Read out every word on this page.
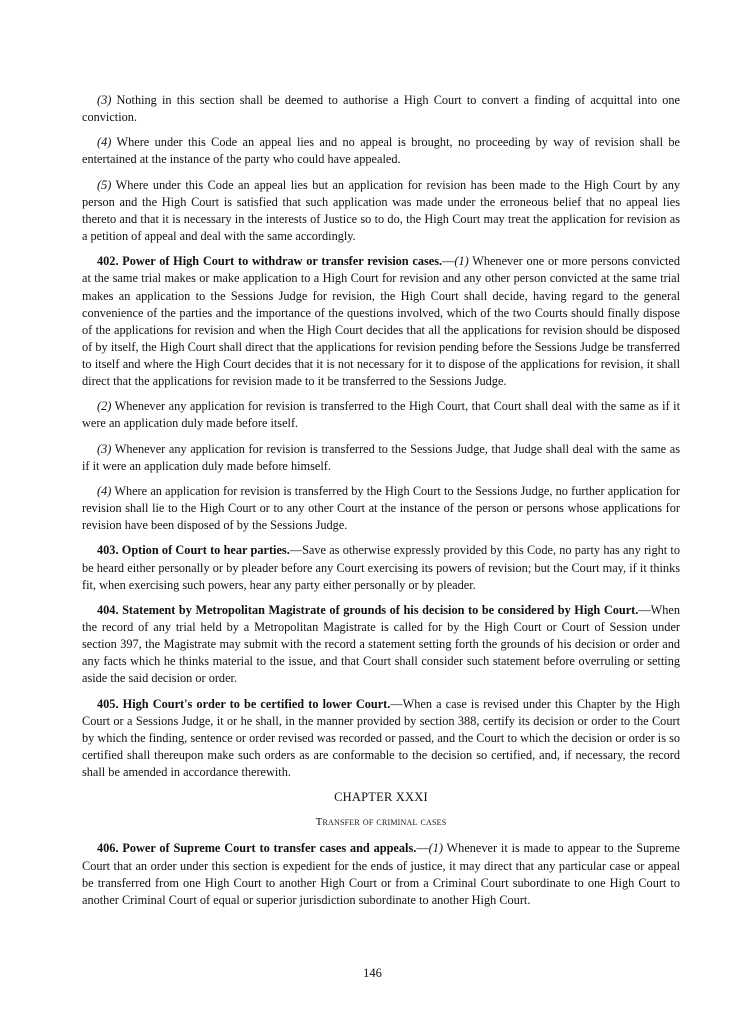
(3) Nothing in this section shall be deemed to authorise a High Court to convert a finding of acquittal into one conviction.

(4) Where under this Code an appeal lies and no appeal is brought, no proceeding by way of revision shall be entertained at the instance of the party who could have appealed.

(5) Where under this Code an appeal lies but an application for revision has been made to the High Court by any person and the High Court is satisfied that such application was made under the erroneous belief that no appeal lies thereto and that it is necessary in the interests of Justice so to do, the High Court may treat the application for revision as a petition of appeal and deal with the same accordingly.

402. Power of High Court to withdraw or transfer revision cases.—(1) Whenever one or more persons convicted at the same trial makes or make application to a High Court for revision and any other person convicted at the same trial makes an application to the Sessions Judge for revision, the High Court shall decide, having regard to the general convenience of the parties and the importance of the questions involved, which of the two Courts should finally dispose of the applications for revision and when the High Court decides that all the applications for revision should be disposed of by itself, the High Court shall direct that the applications for revision pending before the Sessions Judge be transferred to itself and where the High Court decides that it is not necessary for it to dispose of the applications for revision, it shall direct that the applications for revision made to it be transferred to the Sessions Judge.

(2) Whenever any application for revision is transferred to the High Court, that Court shall deal with the same as if it were an application duly made before itself.

(3) Whenever any application for revision is transferred to the Sessions Judge, that Judge shall deal with the same as if it were an application duly made before himself.

(4) Where an application for revision is transferred by the High Court to the Sessions Judge, no further application for revision shall lie to the High Court or to any other Court at the instance of the person or persons whose applications for revision have been disposed of by the Sessions Judge.

403. Option of Court to hear parties.—Save as otherwise expressly provided by this Code, no party has any right to be heard either personally or by pleader before any Court exercising its powers of revision; but the Court may, if it thinks fit, when exercising such powers, hear any party either personally or by pleader.

404. Statement by Metropolitan Magistrate of grounds of his decision to be considered by High Court.—When the record of any trial held by a Metropolitan Magistrate is called for by the High Court or Court of Session under section 397, the Magistrate may submit with the record a statement setting forth the grounds of his decision or order and any facts which he thinks material to the issue, and that Court shall consider such statement before overruling or setting aside the said decision or order.

405. High Court's order to be certified to lower Court.—When a case is revised under this Chapter by the High Court or a Sessions Judge, it or he shall, in the manner provided by section 388, certify its decision or order to the Court by which the finding, sentence or order revised was recorded or passed, and the Court to which the decision or order is so certified shall thereupon make such orders as are conformable to the decision so certified, and, if necessary, the record shall be amended in accordance therewith.

CHAPTER XXXI

Transfer of criminal cases

406. Power of Supreme Court to transfer cases and appeals.—(1) Whenever it is made to appear to the Supreme Court that an order under this section is expedient for the ends of justice, it may direct that any particular case or appeal be transferred from one High Court to another High Court or from a Criminal Court subordinate to one High Court to another Criminal Court of equal or superior jurisdiction subordinate to another High Court.

146
